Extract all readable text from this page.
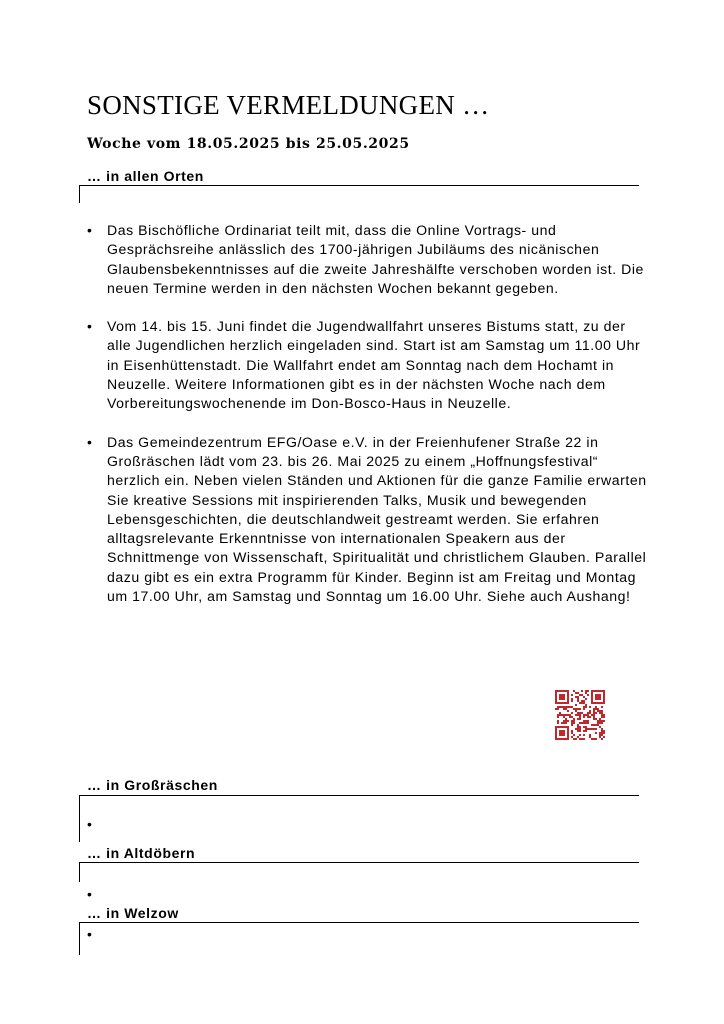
SONSTIGE VERMELDUNGEN …
Woche vom 18.05.2025 bis 25.05.2025
… in allen Orten
• Das Bischöfliche Ordinariat teilt mit, dass die Online Vortrags- und Gesprächsreihe anlässlich des 1700-jährigen Jubiläums des nicänischen Glaubensbekenntnisses auf die zweite Jahreshälfte verschoben worden ist. Die neuen Termine werden in den nächsten Wochen bekannt gegeben.
• Vom 14. bis 15. Juni findet die Jugendwallfahrt unseres Bistums statt, zu der alle Jugendlichen herzlich eingeladen sind. Start ist am Samstag um 11.00 Uhr in Eisenhüttenstadt. Die Wallfahrt endet am Sonntag nach dem Hochamt in Neuzelle. Weitere Informationen gibt es in der nächsten Woche nach dem Vorbereitungswochenende im Don-Bosco-Haus in Neuzelle.
• Das Gemeindezentrum EFG/Oase e.V. in der Freienhufener Straße 22 in Großräschen lädt vom 23. bis 26. Mai 2025 zu einem „Hoffnungsfestival“ herzlich ein. Neben vielen Ständen und Aktionen für die ganze Familie erwarten Sie kreative Sessions mit inspirierenden Talks, Musik und bewegenden Lebensgeschichten, die deutschlandweit gestreamt werden. Sie erfahren alltagsrelevante Erkenntnisse von internationalen Speakern aus der Schnittmenge von Wissenschaft, Spiritualität und christlichem Glauben. Parallel dazu gibt es ein extra Programm für Kinder. Beginn ist am Freitag und Montag um 17.00 Uhr, am Samstag und Sonntag um 16.00 Uhr. Siehe auch Aushang!
… in Großräschen
•
… in Altdöbern
•
… in Welzow
•
